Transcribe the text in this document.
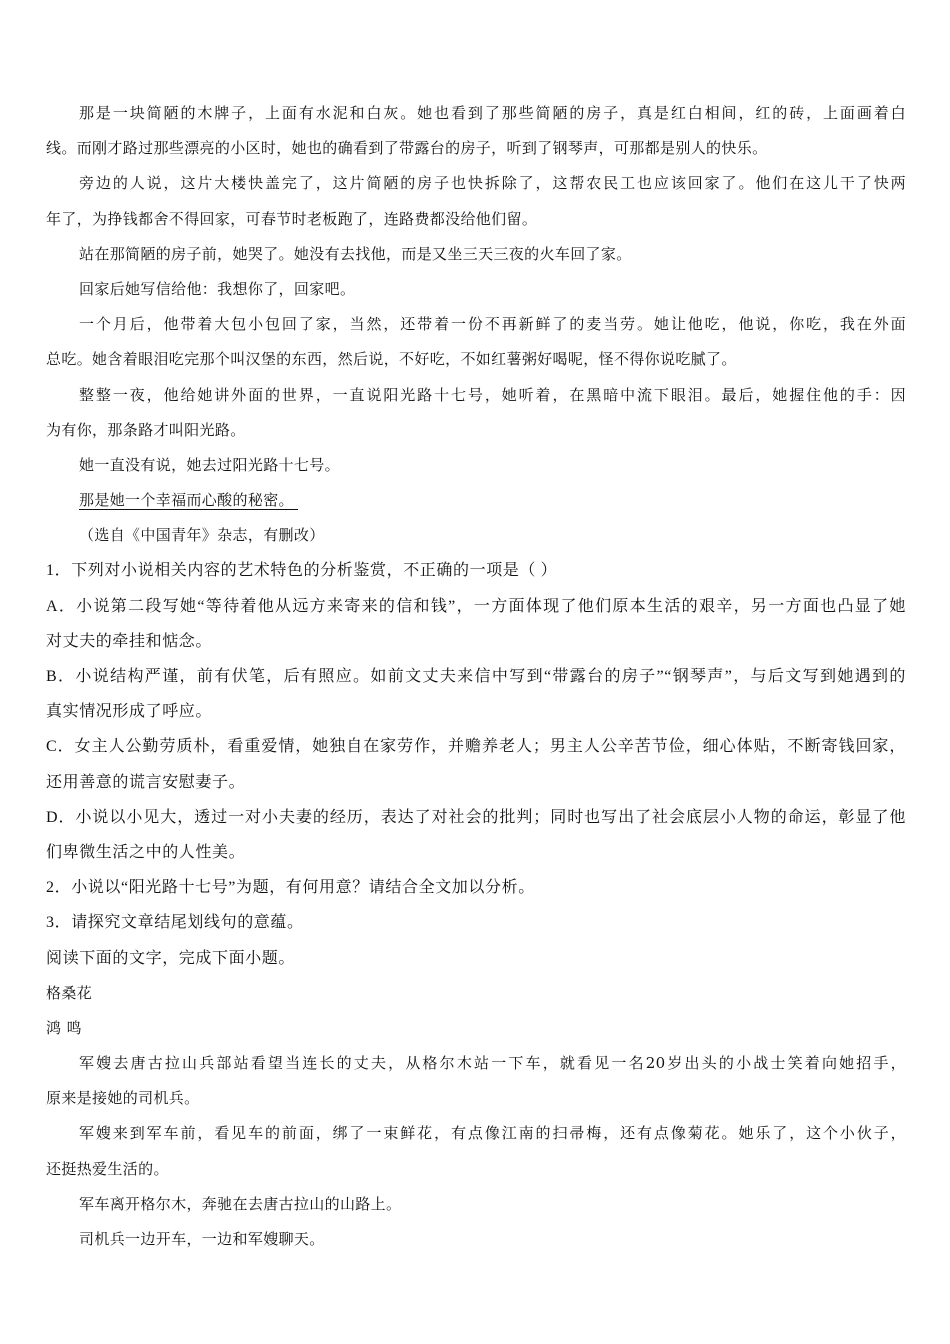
那是一块简陋的木牌子，上面有水泥和白灰。她也看到了那些简陋的房子，真是红白相间，红的砖，上面画着白
线。而刚才路过那些漂亮的小区时，她也的确看到了带露台的房子，听到了钢琴声，可那都是别人的快乐。
旁边的人说，这片大楼快盖完了，这片简陋的房子也快拆除了，这帮农民工也应该回家了。他们在这儿干了快两
年了，为挣钱都舍不得回家，可春节时老板跑了，连路费都没给他们留。
站在那简陋的房子前，她哭了。她没有去找他，而是又坐三天三夜的火车回了家。
回家后她写信给他：我想你了，回家吧。
一个月后，他带着大包小包回了家，当然，还带着一份不再新鲜了的麦当劳。她让他吃，他说，你吃，我在外面
总吃。她含着眼泪吃完那个叫汉堡的东西，然后说，不好吃，不如红薯粥好喝呢，怪不得你说吃腻了。
整整一夜，他给她讲外面的世界，一直说阳光路十七号，她听着，在黑暗中流下眼泪。最后，她握住他的手：因
为有你，那条路才叫阳光路。
她一直没有说，她去过阳光路十七号。
那是她一个幸福而心酸的秘密。
（选自《中国青年》杂志，有删改）
1．下列对小说相关内容的艺术特色的分析鉴赏，不正确的一项是（ ）
A．小说第二段写她“等待着他从远方来寄来的信和钱”，一方面体现了他们原本生活的艰辛，另一方面也凸显了她
对丈夫的牵挂和惦念。
B．小说结构严谨，前有伏笔，后有照应。如前文丈夫来信中写到“带露台的房子”“钢琴声”，与后文写到她遇到的
真实情况形成了呼应。
C．女主人公勤劳质朴，看重爱情，她独自在家劳作，并赡养老人；男主人公辛苦节俭，细心体贴，不断寄钱回家，
还用善意的谎言安慰妻子。
D．小说以小见大，透过一对小夫妻的经历，表达了对社会的批判；同时也写出了社会底层小人物的命运，彰显了他
们卑微生活之中的人性美。
2．小说以“阳光路十七号”为题，有何用意？请结合全文加以分析。
3．请探究文章结尾划线句的意蕴。
阅读下面的文字，完成下面小题。
格桑花
鸿 鸣
军嫂去唐古拉山兵部站看望当连长的丈夫，从格尔木站一下车，就看见一名20岁出头的小战士笑着向她招手，
原来是接她的司机兵。
军嫂来到军车前，看见车的前面，绑了一束鲜花，有点像江南的扫帚梅，还有点像菊花。她乐了，这个小伙子，
还挺热爱生活的。
军车离开格尔木，奔驰在去唐古拉山的山路上。
司机兵一边开车，一边和军嫂聊天。
